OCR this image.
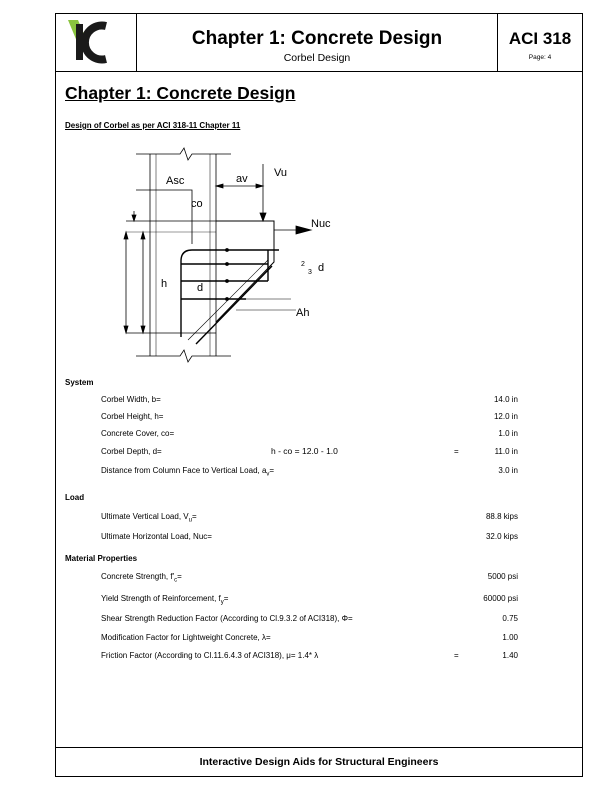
Chapter 1: Concrete Design
Corbel Design
ACI 318
Page: 4
Chapter 1: Concrete Design
Design of Corbel as per ACI 318-11 Chapter 11
Asc	av Vu
co
Nuc
h	d
2
3 d
Ah
System
Corbel Width, b=	14.0 in
Corbel Height, h=	12.0 in
Concrete Cover, co=	1.0 in
Corbel Depth, d=	h - co = 12.0 - 1.0	=	11.0 in
Distance from Column Face to Vertical Load, $a_v=$	3.0 in
Load
Ultimate Vertical Load, $V_u=$	88.8 kips
Ultimate Horizontal Load, Nuc=	32.0 kips
Material Properties
Concrete Strength, $f'_c=$	5000 psi
Yield Strength of Reinforcement, $f_y=$	60000 psi
Shear Strength Reduction Factor (According to Cl.9.3.2 of ACI318), Φ=	0.75
Modification Factor for Lightweight Concrete, λ=	1.00
Friction Factor (According to Cl.11.6.4.3 of ACI318), μ= 1.4* λ	=	1.40
Interactive Design Aids for Structural Engineers
